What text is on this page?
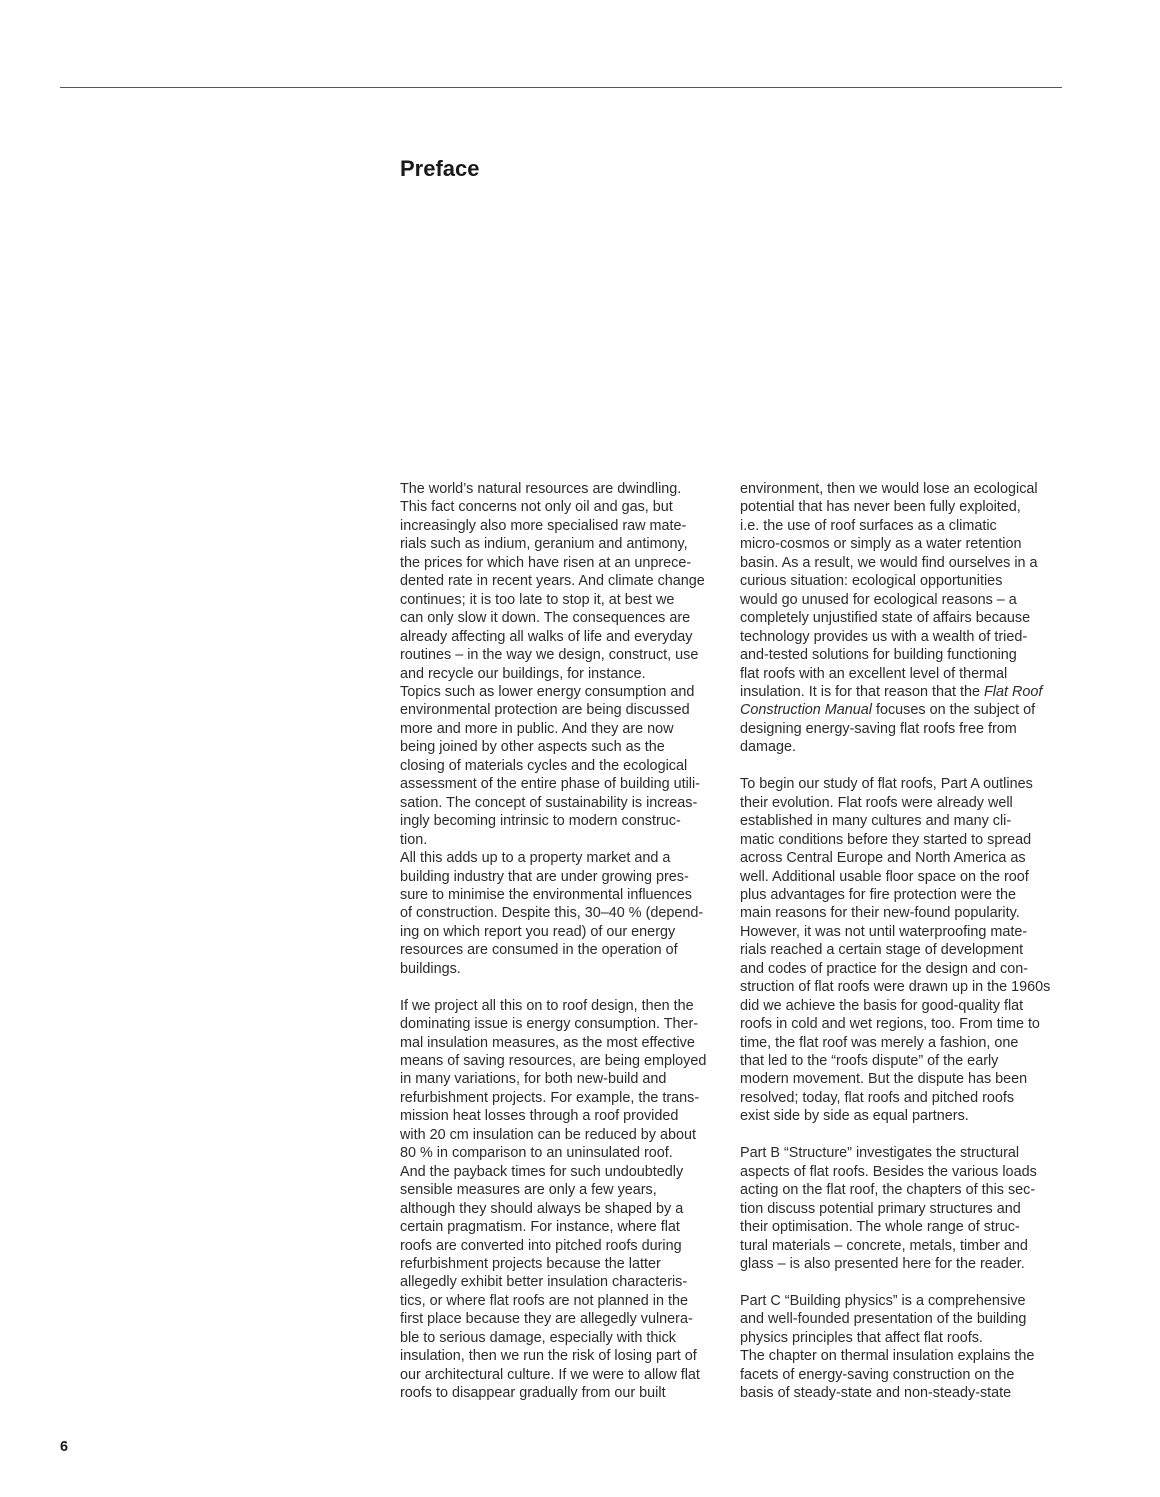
Preface
The world’s natural resources are dwindling.
This fact concerns not only oil and gas, but
increasingly also more specialised raw mate-
rials such as indium, geranium and antimony,
the prices for which have risen at an unprece-
dented rate in recent years. And climate change
continues; it is too late to stop it, at best we
can only slow it down. The consequences are
already affecting all walks of life and everyday
routines – in the way we design, construct, use
and recycle our buildings, for instance.
Topics such as lower energy consumption and
environmental protection are being discussed
more and more in public. And they are now
being joined by other aspects such as the
closing of materials cycles and the ecological
assessment of the entire phase of building utili-
sation. The concept of sustainability is increas-
ingly becoming intrinsic to modern construc-
tion.
All this adds up to a property market and a
building industry that are under growing pres-
sure to minimise the environmental influences
of construction. Despite this, 30–40 % (depend-
ing on which report you read) of our energy
resources are consumed in the operation of
buildings.
If we project all this on to roof design, then the
dominating issue is energy consumption. Ther-
mal insulation measures, as the most effective
means of saving resources, are being employed
in many variations, for both new-build and
refurbishment projects. For example, the trans-
mission heat losses through a roof provided
with 20 cm insulation can be reduced by about
80 % in comparison to an uninsulated roof.
And the payback times for such undoubtedly
sensible measures are only a few years,
although they should always be shaped by a
certain pragmatism. For instance, where flat
roofs are converted into pitched roofs during
refurbishment projects because the latter
allegedly exhibit better insulation characteris-
tics, or where flat roofs are not planned in the
first place because they are allegedly vulnera-
ble to serious damage, especially with thick
insulation, then we run the risk of losing part of
our architectural culture. If we were to allow flat
roofs to disappear gradually from our built
environment, then we would lose an ecological
potential that has never been fully exploited,
i.e. the use of roof surfaces as a climatic
micro-cosmos or simply as a water retention
basin. As a result, we would find ourselves in a
curious situation: ecological opportunities
would go unused for ecological reasons – a
completely unjustified state of affairs because
technology provides us with a wealth of tried-
and-tested solutions for building functioning
flat roofs with an excellent level of thermal
insulation. It is for that reason that the Flat Roof
Construction Manual focuses on the subject of
designing energy-saving flat roofs free from
damage.
To begin our study of flat roofs, Part A outlines
their evolution. Flat roofs were already well
established in many cultures and many cli-
matic conditions before they started to spread
across Central Europe and North America as
well. Additional usable floor space on the roof
plus advantages for fire protection were the
main reasons for their new-found popularity.
However, it was not until waterproofing mate-
rials reached a certain stage of development
and codes of practice for the design and con-
struction of flat roofs were drawn up in the 1960s
did we achieve the basis for good-quality flat
roofs in cold and wet regions, too. From time to
time, the flat roof was merely a fashion, one
that led to the “roofs dispute” of the early
modern movement. But the dispute has been
resolved; today, flat roofs and pitched roofs
exist side by side as equal partners.
Part B “Structure” investigates the structural
aspects of flat roofs. Besides the various loads
acting on the flat roof, the chapters of this sec-
tion discuss potential primary structures and
their optimisation. The whole range of struc-
tural materials – concrete, metals, timber and
glass – is also presented here for the reader.
Part C “Building physics” is a comprehensive
and well-founded presentation of the building
physics principles that affect flat roofs.
The chapter on thermal insulation explains the
facets of energy-saving construction on the
basis of steady-state and non-steady-state
6
